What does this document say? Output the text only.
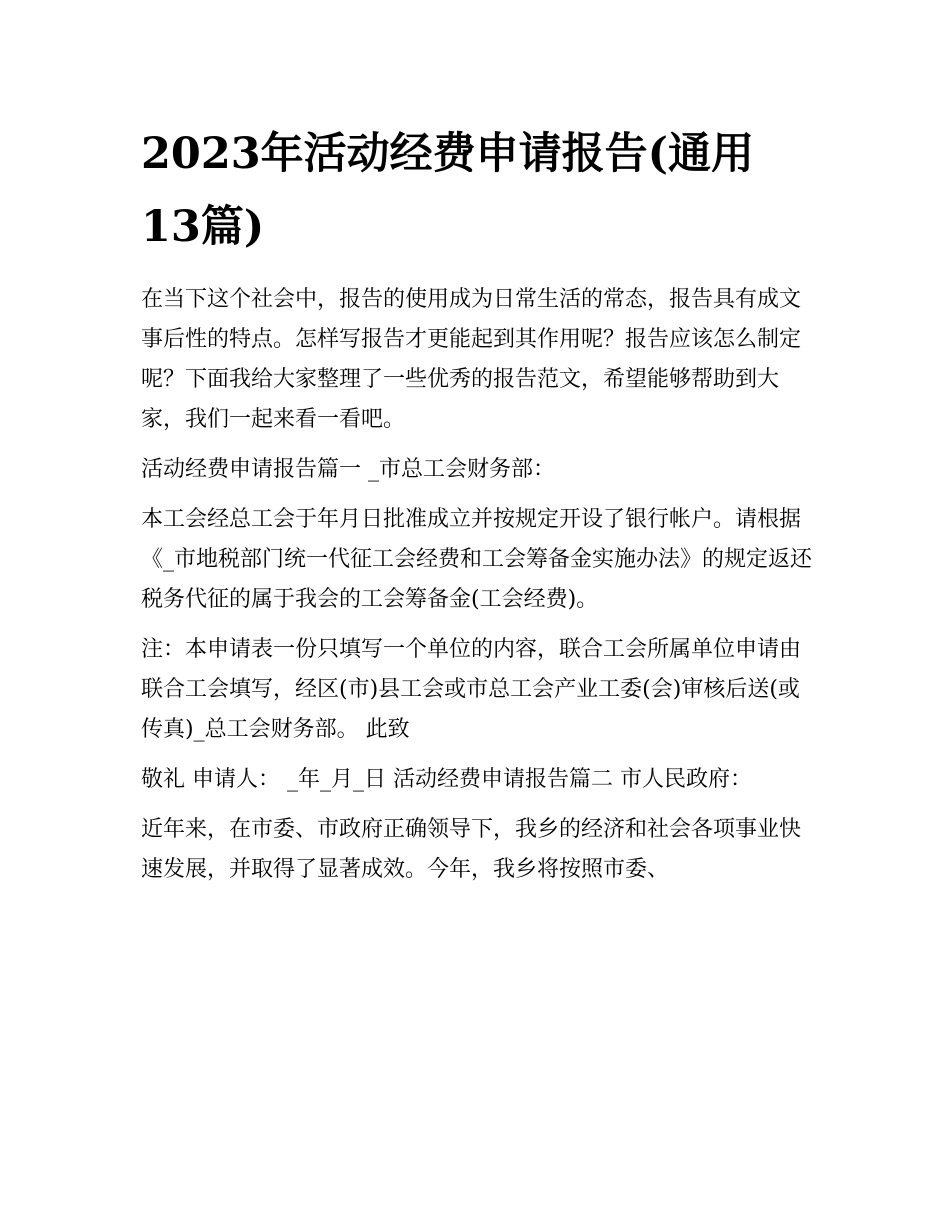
2023年活动经费申请报告(通用13篇)

在当下这个社会中，报告的使用成为日常生活的常态，报告具有成文事后性的特点。怎样写报告才更能起到其作用呢？报告应该怎么制定呢？下面我给大家整理了一些优秀的报告范文，希望能够帮助到大家，我们一起来看一看吧。

活动经费申请报告篇一 _市总工会财务部：

本工会经总工会于年月日批准成立并按规定开设了银行帐户。请根据《_市地税部门统一代征工会经费和工会筹备金实施办法》的规定返还税务代征的属于我会的工会筹备金(工会经费)。

注：本申请表一份只填写一个单位的内容，联合工会所属单位申请由联合工会填写，经区(市)县工会或市总工会产业工委(会)审核后送(或传真)_总工会财务部。 此致

敬礼 申请人： _年_月_日 活动经费申请报告篇二 市人民政府：

近年来，在市委、市政府正确领导下，我乡的经济和社会各项事业快速发展，并取得了显著成效。今年，我乡将按照市委、
